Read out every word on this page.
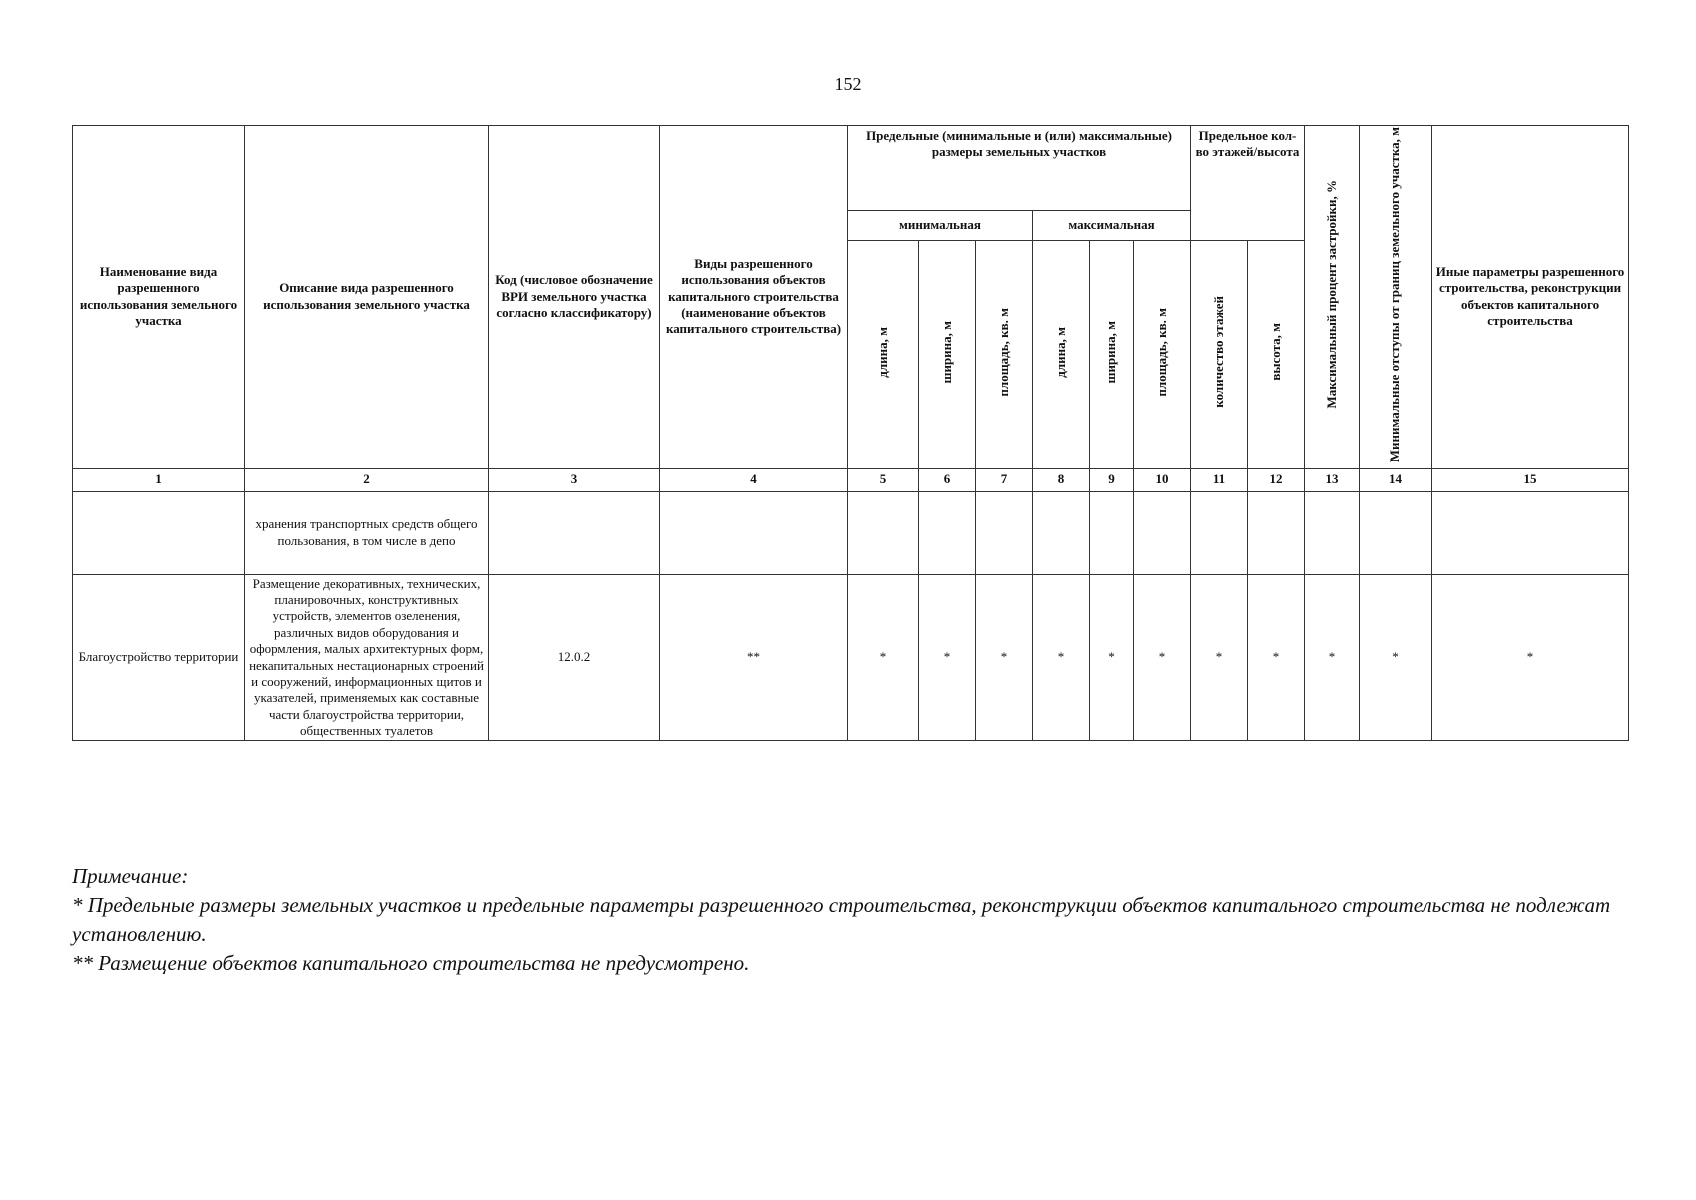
152
Наименование вида разрешенного использования земельного участка	Описание вида разрешенного использования земельного участка	Код (числовое обозначение ВРИ земельного участка согласно классификатору)	Виды разрешенного использования объектов капитального строительства (наименование объектов капитального строительства)	Предельные (минимальные и (или) максимальные) размеры земельных участков						Предельное кол-во этажей/высота		Максимальный процент застройки, %	Минимальные отступы от границ земельного участка, м	Иные параметры разрешенного строительства, реконструкции объектов капитального строительства
				минимальная			максимальная							
				длина, м	ширина, м	площадь, кв. м	длина, м	ширина, м	площадь, кв. м	количество этажей	высота, м			
1	2	3	4	5	6	7	8	9	10	11	12	13	14	15
	хранения транспортных средств общего пользования, в том числе в депо													
Благоустройство территории	Размещение декоративных, технических, планировочных, конструктивных устройств, элементов озеленения, различных видов оборудования и оформления, малых архитектурных форм, некапитальных нестационарных строений и сооружений, информационных щитов и указателей, применяемых как составные части благоустройства территории, общественных туалетов	12.0.2	**	*	*	*	*	*	*	*	*	*	*	*

Примечание:

* Предельные размеры земельных участков и предельные параметры разрешенного строительства, реконструкции объектов капитального строительства не подлежат установлению.

** Размещение объектов капитального строительства не предусмотрено.
